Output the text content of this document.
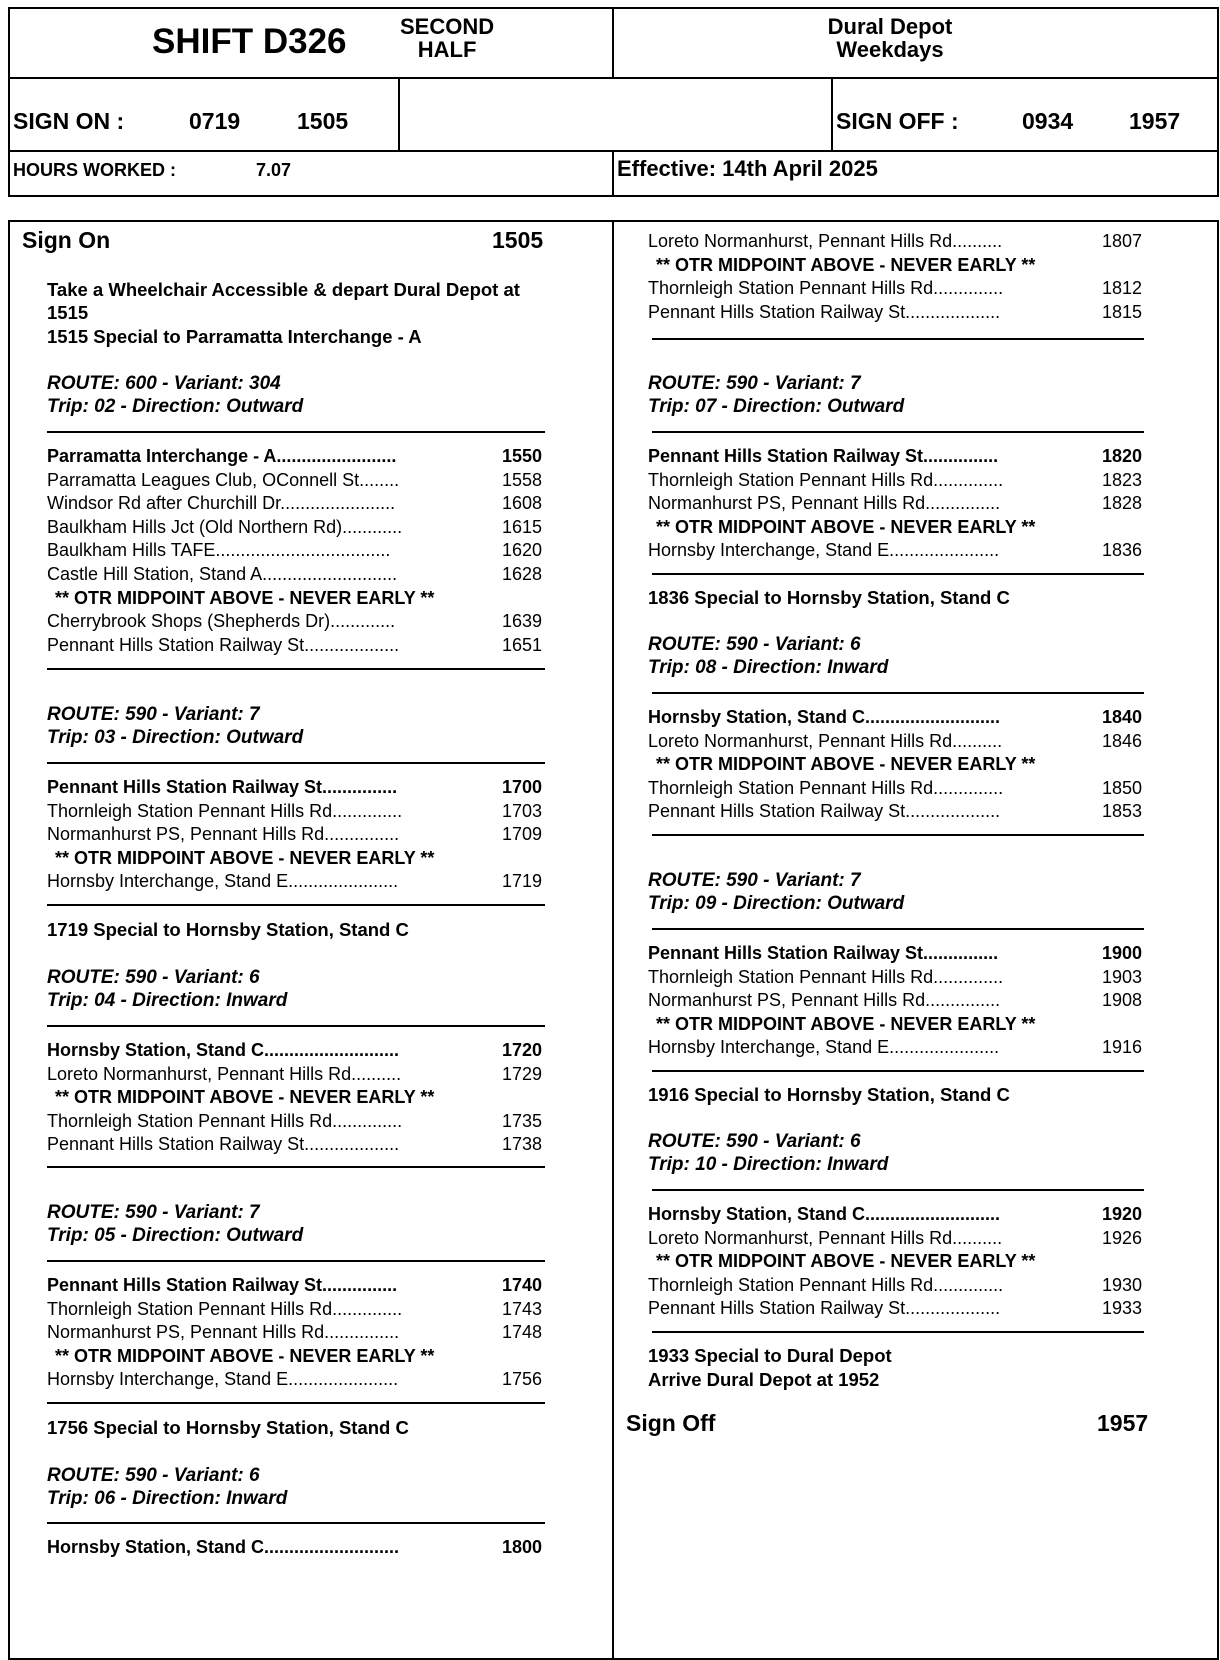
SHIFT D326 SECOND
HALF
Dural Depot
Weekdays
SIGN ON :	0719 1505	SIGN OFF :	0934 1957
HOURS WORKED :	7.07	Effective: 14th April 2025
Sign On	1505
Take a Wheelchair Accessible & depart Dural Depot at
1515
1515 Special to Parramatta Interchange - A
ROUTE: 600 - Variant: 304
Trip: 02 - Direction: Outward
Parramatta Interchange - A........................	1550
Parramatta Leagues Club, OConnell St........	1558
Windsor Rd after Churchill Dr.......................	1608
Baulkham Hills Jct (Old Northern Rd)............	1615
Baulkham Hills TAFE...................................	1620
Castle Hill Station, Stand A...........................	1628
** OTR MIDPOINT ABOVE - NEVER EARLY **
Cherrybrook Shops (Shepherds Dr).............	1639
Pennant Hills Station Railway St...................	1651
ROUTE: 590 - Variant: 7
Trip: 03 - Direction: Outward
Pennant Hills Station Railway St...............	1700
Thornleigh Station Pennant Hills Rd..............	1703
Normanhurst PS, Pennant Hills Rd...............	1709
** OTR MIDPOINT ABOVE - NEVER EARLY **
Hornsby Interchange, Stand E......................	1719
1719 Special to Hornsby Station, Stand C
ROUTE: 590 - Variant: 6
Trip: 04 - Direction: Inward
Hornsby Station, Stand C...........................	1720
Loreto Normanhurst, Pennant Hills Rd..........	1729
** OTR MIDPOINT ABOVE - NEVER EARLY **
Thornleigh Station Pennant Hills Rd..............	1735
Pennant Hills Station Railway St...................	1738
ROUTE: 590 - Variant: 7
Trip: 05 - Direction: Outward
Pennant Hills Station Railway St...............	1740
Thornleigh Station Pennant Hills Rd..............	1743
Normanhurst PS, Pennant Hills Rd...............	1748
** OTR MIDPOINT ABOVE - NEVER EARLY **
Hornsby Interchange, Stand E......................	1756
1756 Special to Hornsby Station, Stand C
ROUTE: 590 - Variant: 6
Trip: 06 - Direction: Inward
Hornsby Station, Stand C...........................	1800
Loreto Normanhurst, Pennant Hills Rd..........	1807
** OTR MIDPOINT ABOVE - NEVER EARLY **
Thornleigh Station Pennant Hills Rd..............	1812
Pennant Hills Station Railway St...................	1815
ROUTE: 590 - Variant: 7
Trip: 07 - Direction: Outward
Pennant Hills Station Railway St...............	1820
Thornleigh Station Pennant Hills Rd..............	1823
Normanhurst PS, Pennant Hills Rd...............	1828
** OTR MIDPOINT ABOVE - NEVER EARLY **
Hornsby Interchange, Stand E......................	1836
1836 Special to Hornsby Station, Stand C
ROUTE: 590 - Variant: 6
Trip: 08 - Direction: Inward
Hornsby Station, Stand C...........................	1840
Loreto Normanhurst, Pennant Hills Rd..........	1846
** OTR MIDPOINT ABOVE - NEVER EARLY **
Thornleigh Station Pennant Hills Rd..............	1850
Pennant Hills Station Railway St...................	1853
ROUTE: 590 - Variant: 7
Trip: 09 - Direction: Outward
Pennant Hills Station Railway St...............	1900
Thornleigh Station Pennant Hills Rd..............	1903
Normanhurst PS, Pennant Hills Rd...............	1908
** OTR MIDPOINT ABOVE - NEVER EARLY **
Hornsby Interchange, Stand E......................	1916
1916 Special to Hornsby Station, Stand C
ROUTE: 590 - Variant: 6
Trip: 10 - Direction: Inward
Hornsby Station, Stand C...........................	1920
Loreto Normanhurst, Pennant Hills Rd..........	1926
** OTR MIDPOINT ABOVE - NEVER EARLY **
Thornleigh Station Pennant Hills Rd..............	1930
Pennant Hills Station Railway St...................	1933
1933 Special to Dural Depot
Arrive Dural Depot at 1952
Sign Off	1957
